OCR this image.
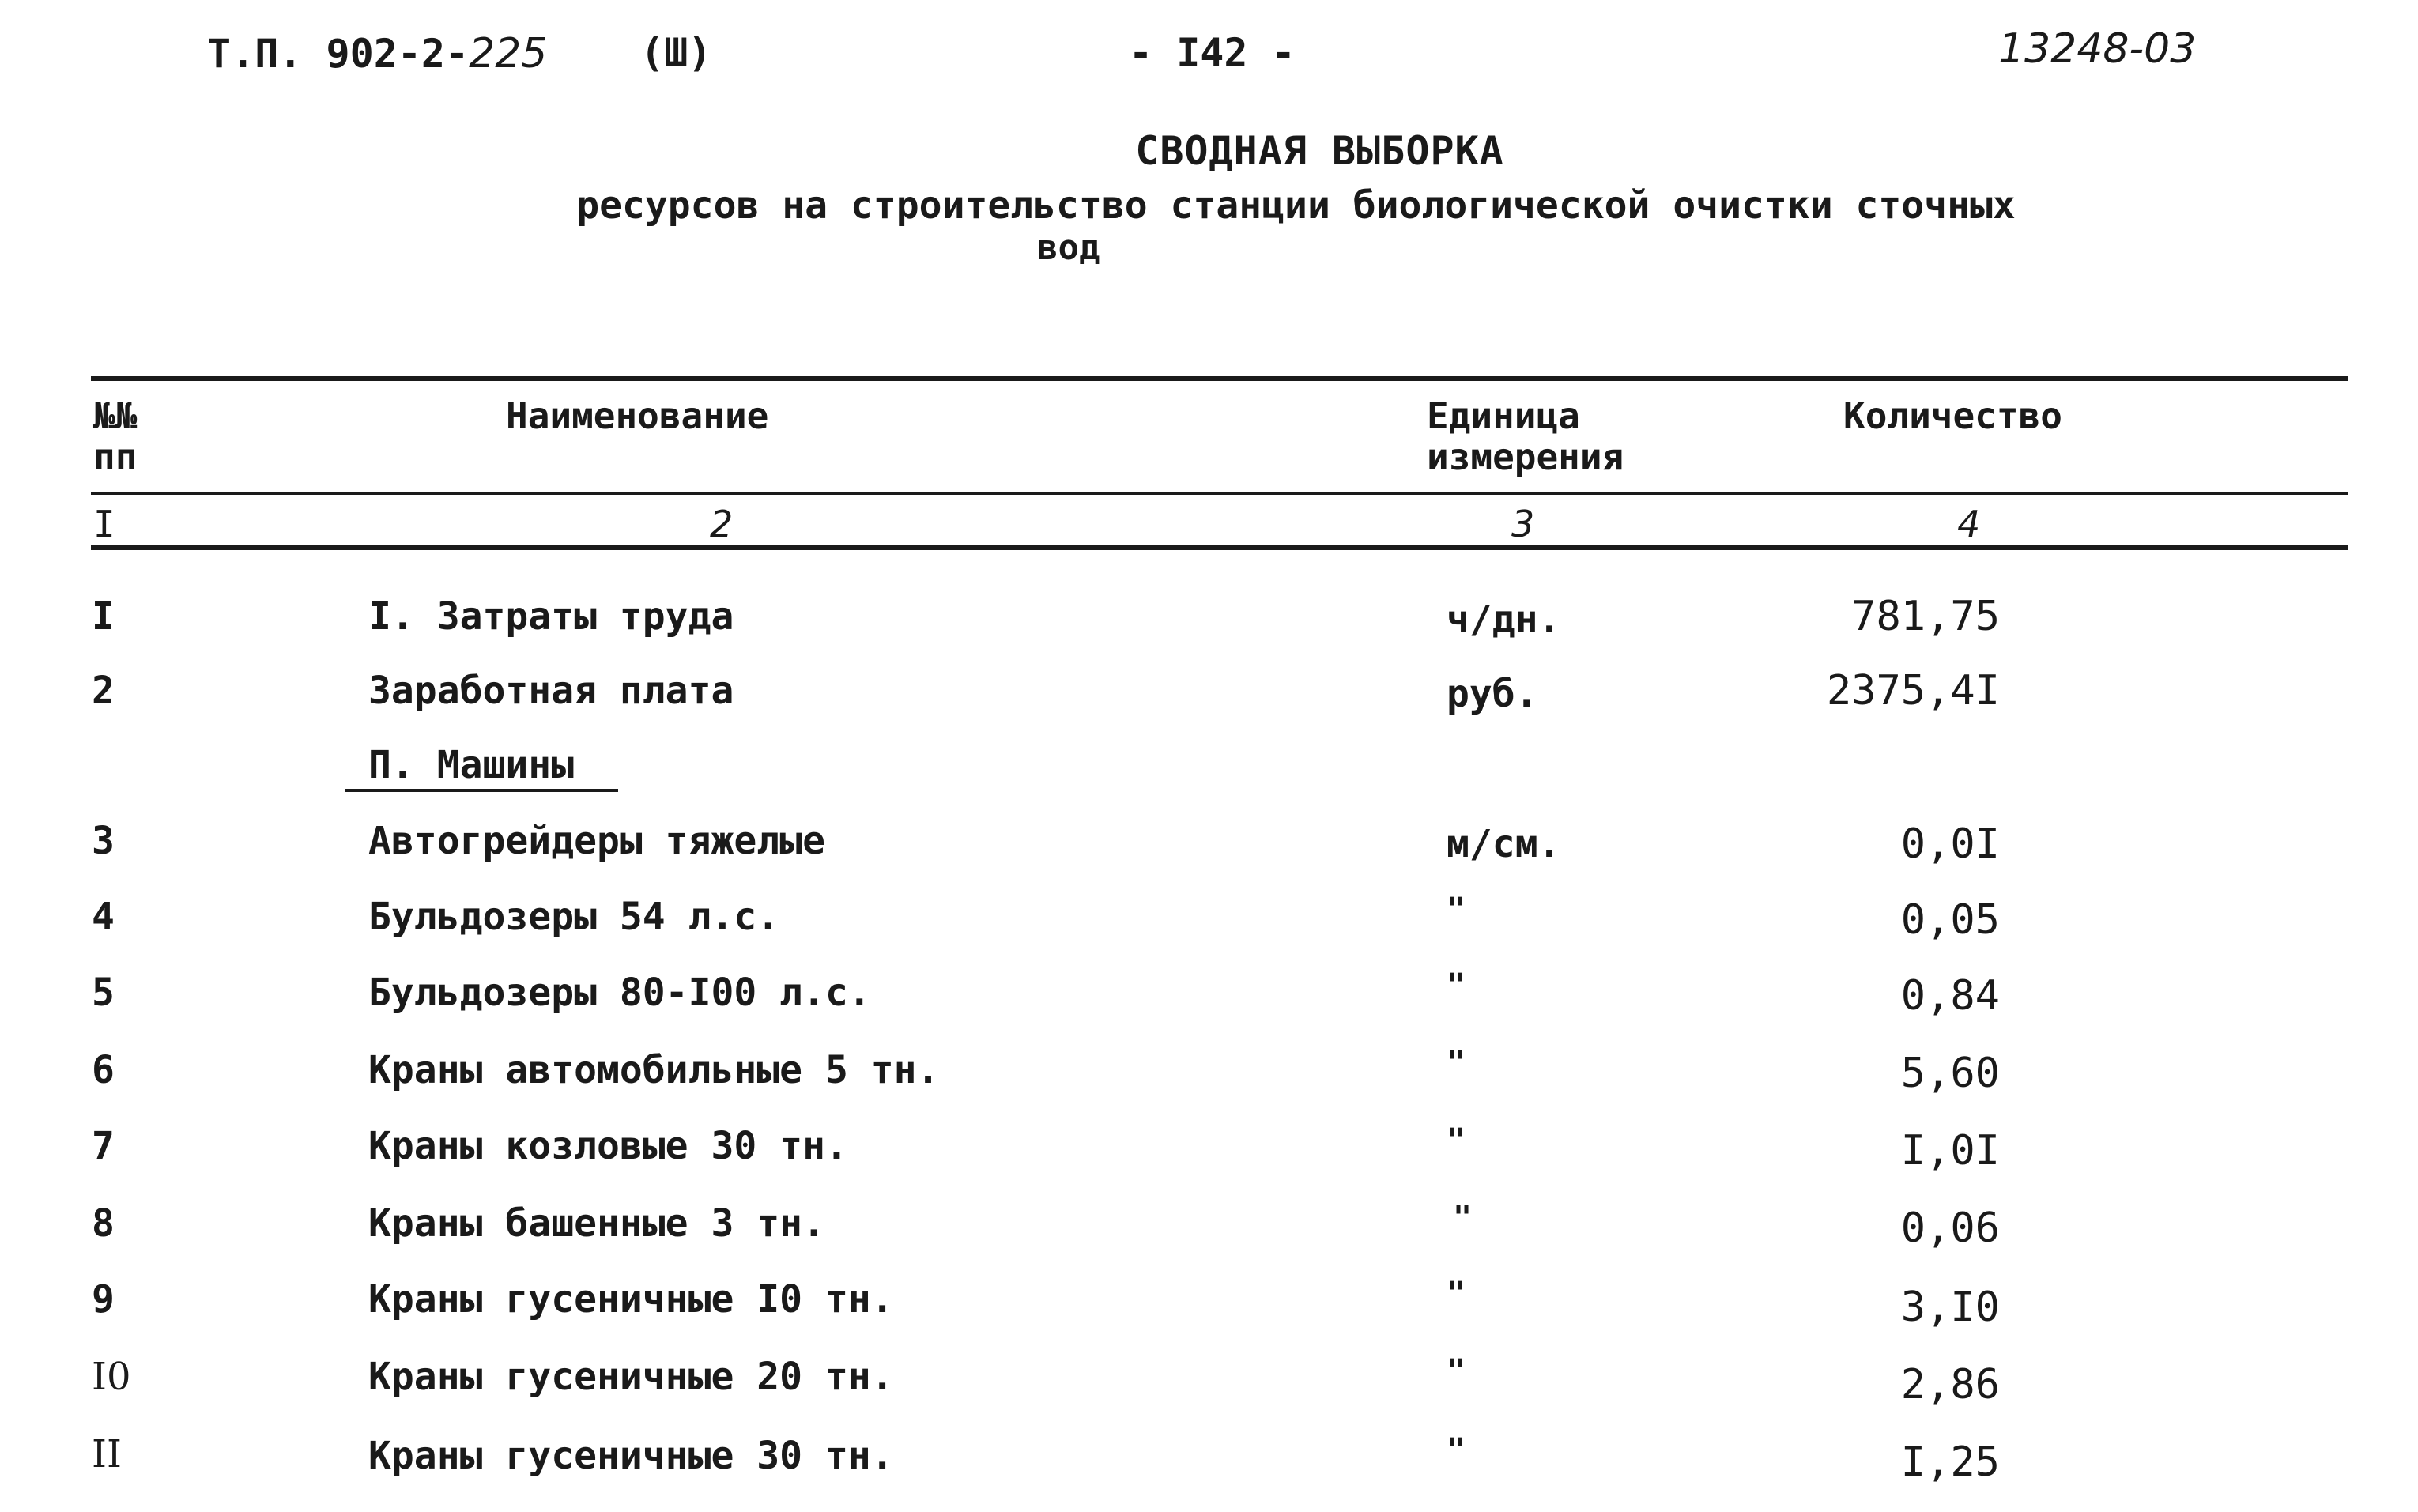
Т.П. 902-2-225 (Ш)	- I42 -	13248-03
СВОДНАЯ ВЫБОРКА
ресурсов на строительство станции биологической очистки сточных
вод
№№
пп
Наименование	Единица
измерения
Количество
I	2	3	4
I	I. Затраты труда	ч/дн.	781,75
2	Заработная плата	руб.	2375,4I
П. Машины
3	Автогрейдеры тяжелые	м/см.	0,0I
4	Бульдозеры 54 л.с.	"	0,05
5	Бульдозеры 80-I00 л.с.	"	0,84
6	Краны автомобильные 5 тн.	"	5,60
7	Краны козловые 30 тн.	"	I,0I
8	Краны башенные 3 тн.	"	0,06
9	Краны гусеничные I0 тн.	"	3,I0
I0	Краны гусеничные 20 тн.	"	2,86
II	Краны гусеничные 30 тн.	"	I,25
